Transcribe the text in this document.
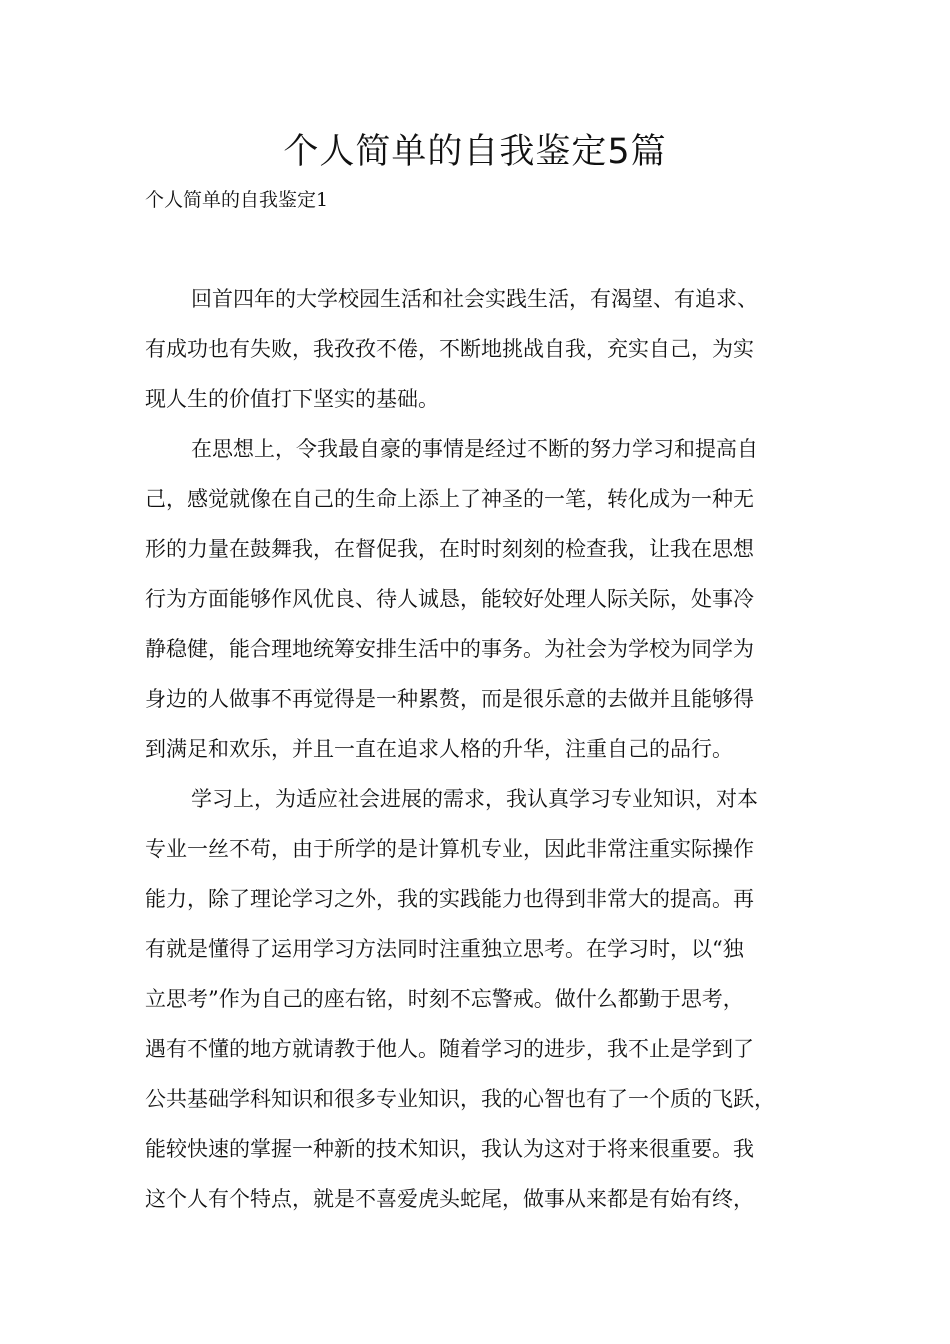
个人简单的自我鉴定5篇
个人简单的自我鉴定1

回首四年的大学校园生活和社会实践生活，有渴望、有追求、
有成功也有失败，我孜孜不倦，不断地挑战自我，充实自己，为实
现人生的价值打下坚实的基础。

在思想上，令我最自豪的事情是经过不断的努力学习和提高自
己，感觉就像在自己的生命上添上了神圣的一笔，转化成为一种无
形的力量在鼓舞我，在督促我，在时时刻刻的检查我，让我在思想
行为方面能够作风优良、待人诚恳，能较好处理人际关际，处事冷
静稳健，能合理地统筹安排生活中的事务。为社会为学校为同学为
身边的人做事不再觉得是一种累赘，而是很乐意的去做并且能够得
到满足和欢乐，并且一直在追求人格的升华，注重自己的品行。

学习上，为适应社会进展的需求，我认真学习专业知识，对本
专业一丝不苟，由于所学的是计算机专业，因此非常注重实际操作
能力，除了理论学习之外，我的实践能力也得到非常大的提高。再
有就是懂得了运用学习方法同时注重独立思考。在学习时，以“独
立思考”作为自己的座右铭，时刻不忘警戒。做什么都勤于思考，
遇有不懂的地方就请教于他人。随着学习的进步，我不止是学到了
公共基础学科知识和很多专业知识，我的心智也有了一个质的飞跃，
能较快速的掌握一种新的技术知识，我认为这对于将来很重要。我
这个人有个特点，就是不喜爱虎头蛇尾，做事从来都是有始有终，
